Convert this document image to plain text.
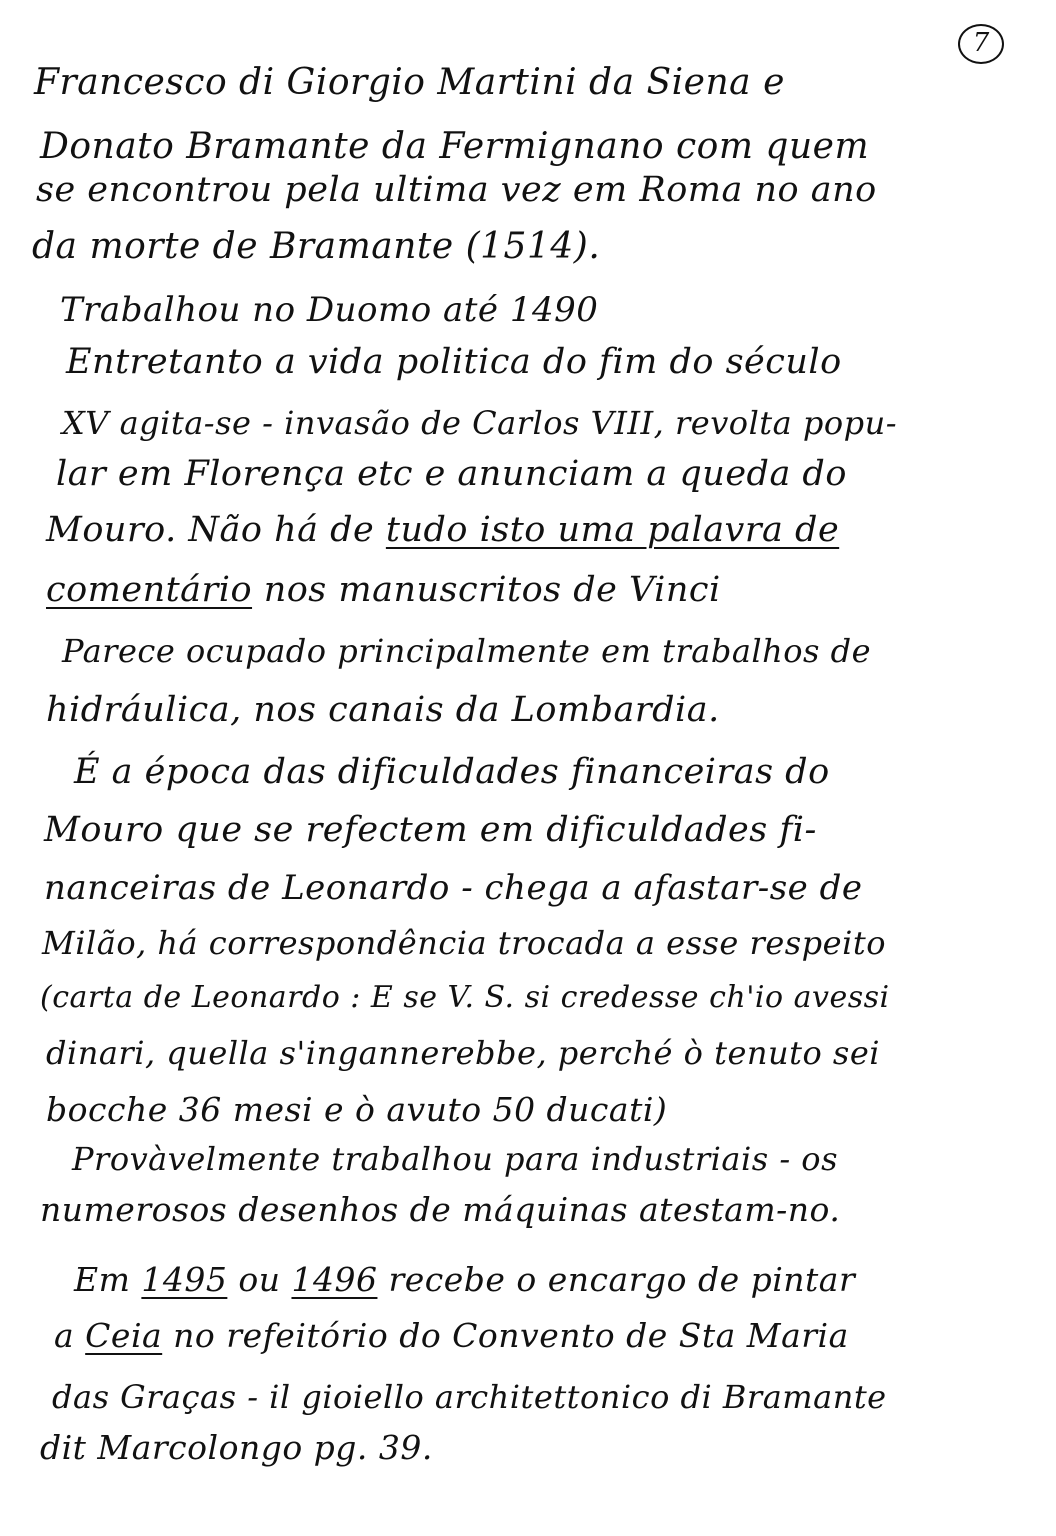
7
Francesco di Giorgio Martini da Siena e
Donato Bramante da Fermignano com quem
se encontrou pela ultima vez em Roma no ano
da morte de Bramante (1514).
Trabalhou no Duomo até 1490
Entretanto a vida politica do fim do século
XV agita-se - invasão de Carlos VIII, revolta popu-
lar em Florença etc e anunciam a queda do
Mouro. Não há de tudo isto uma palavra de
comentário nos manuscritos de Vinci
Parece ocupado principalmente em trabalhos de
hidráulica, nos canais da Lombardia.
É a época das dificuldades financeiras do
Mouro que se refectem em dificuldades fi-
nanceiras de Leonardo - chega a afastar-se de
Milão, há correspondência trocada a esse respeito
(carta de Leonardo : E se V. S. si credesse ch'io avessi
dinari, quella s'ingannerebbe, perché ò tenuto sei
bocche 36 mesi e ò avuto 50 ducati)
Provàvelmente trabalhou para industriais - os
numerosos desenhos de máquinas atestam-no.
Em 1495 ou 1496 recebe o encargo de pintar
a Ceia no refeitório do Convento de Sta Maria
das Graças - il gioiello architettonico di Bramante
dit Marcolongo pg. 39.
